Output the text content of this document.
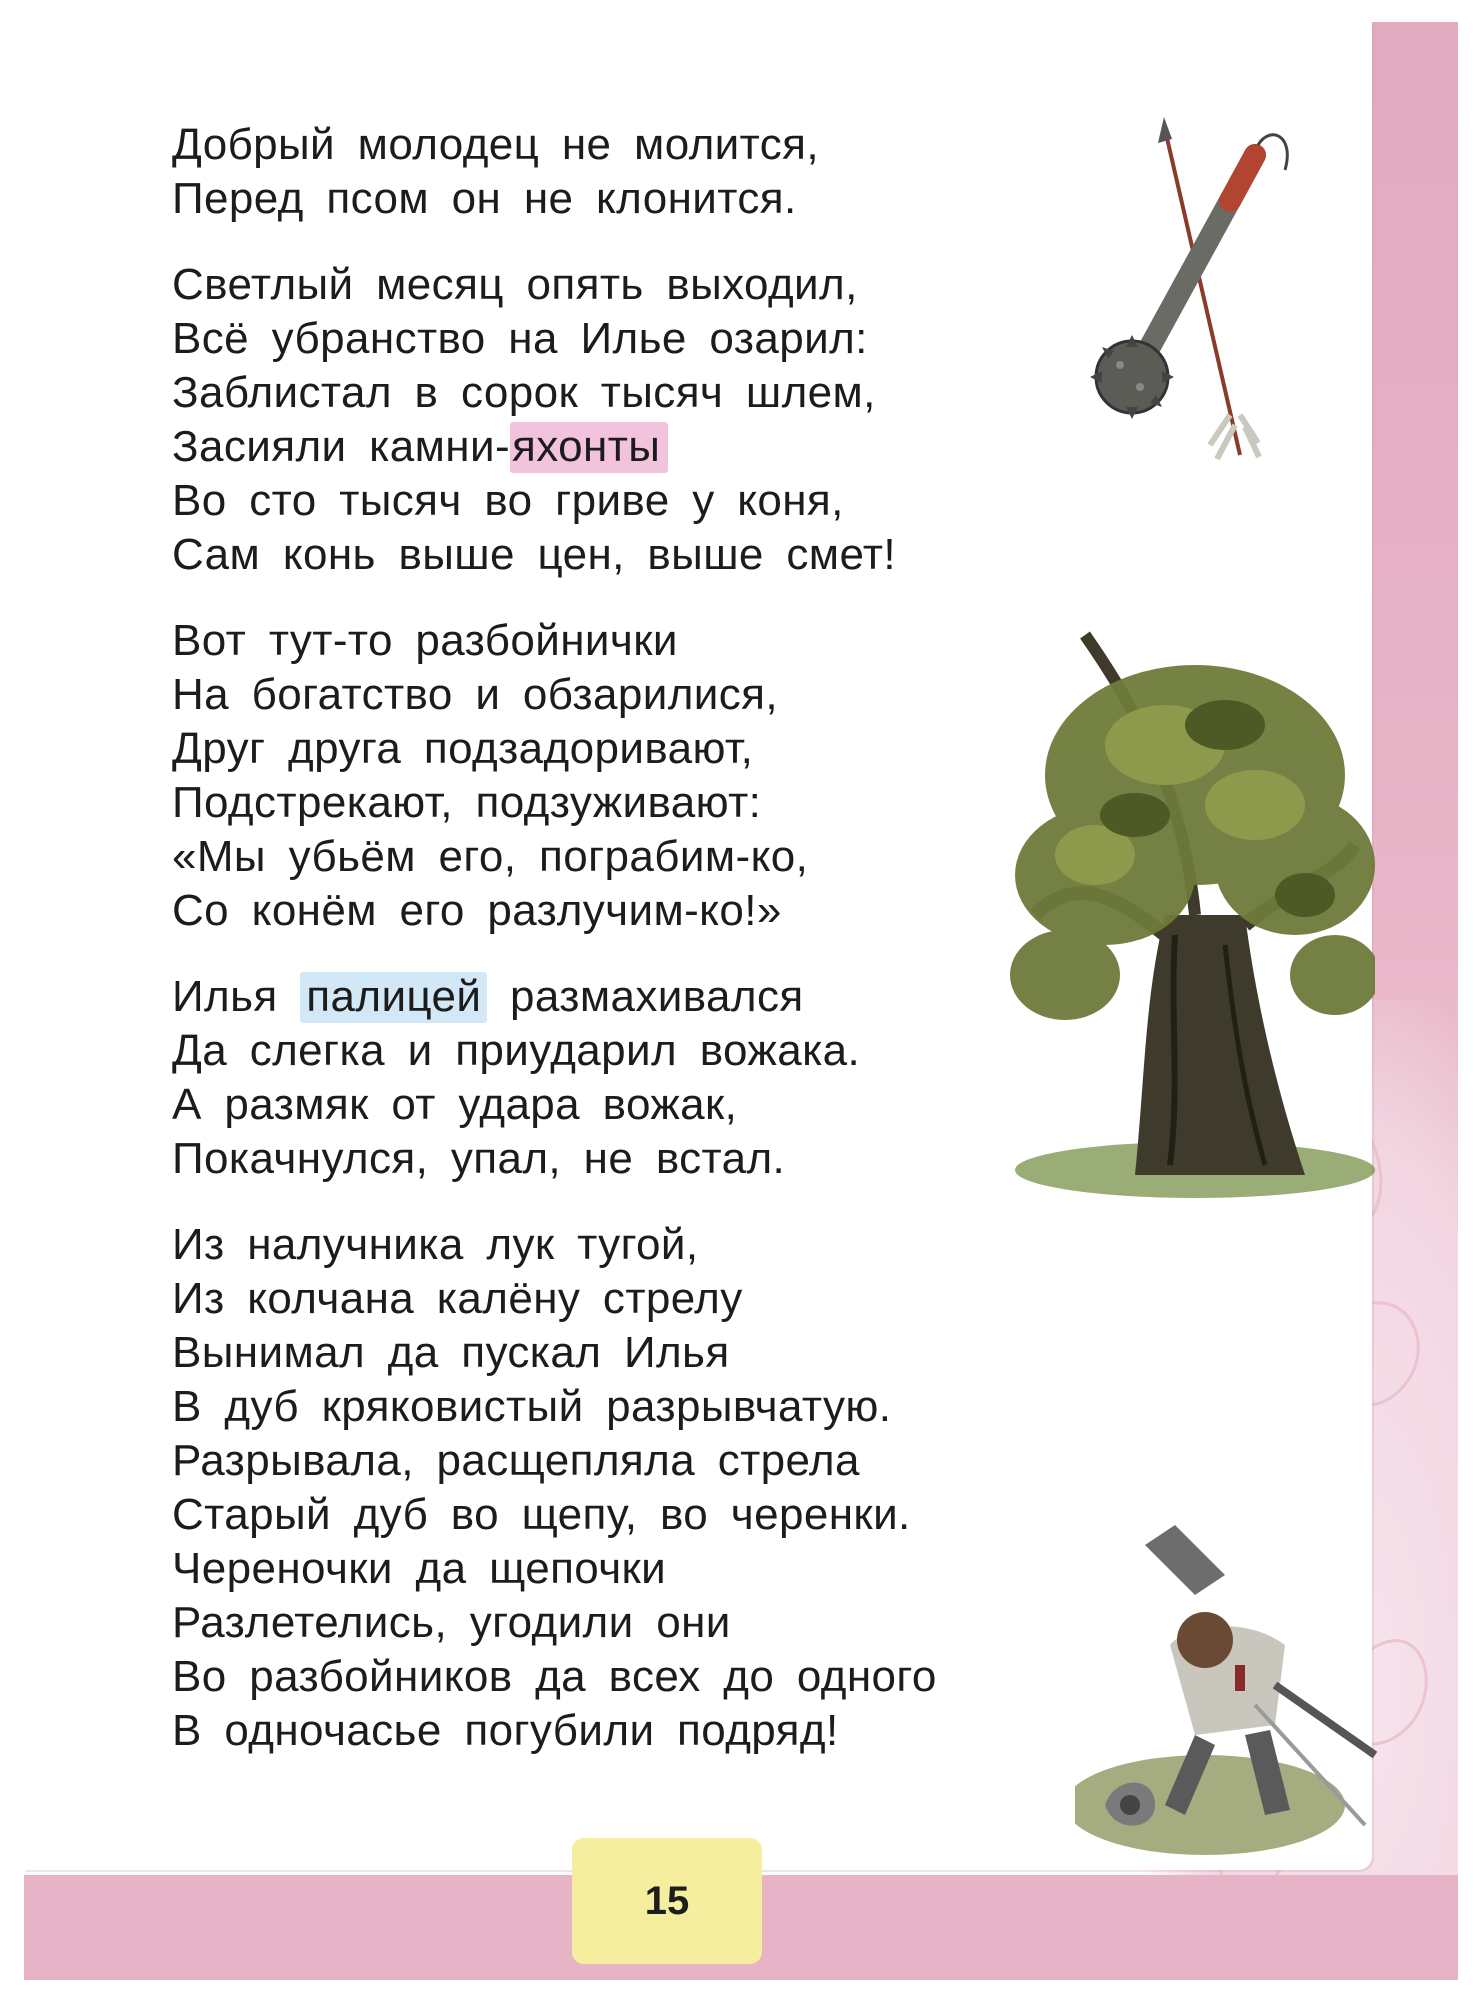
Добрый молодец не молится,
Перед псом он не клонится.
Светлый месяц опять выходил,
Всё убранство на Илье озарил:
Заблистал в сорок тысяч шлем,
Засияли камни-яхонты
Во сто тысяч во гриве у коня,
Сам конь выше цен, выше смет!
Вот тут-то разбойнички
На богатство и обзарилися,
Друг друга подзадоривают,
Подстрекают, подзуживают:
«Мы убьём его, пограбим-ко,
Со конём его разлучим-ко!»
Илья палицей размахивался
Да слегка и приударил вожака.
А размяк от удара вожак,
Покачнулся, упал, не встал.
Из налучника лук тугой,
Из колчана калёну стрелу
Вынимал да пускал Илья
В дуб кряковистый разрывчатую.
Разрывала, расщепляла стрела
Старый дуб во щепу, во черенки.
Череночки да щепочки
Разлетелись, угодили они
Во разбойников да всех до одного
В одночасье погубили подряд!
15
